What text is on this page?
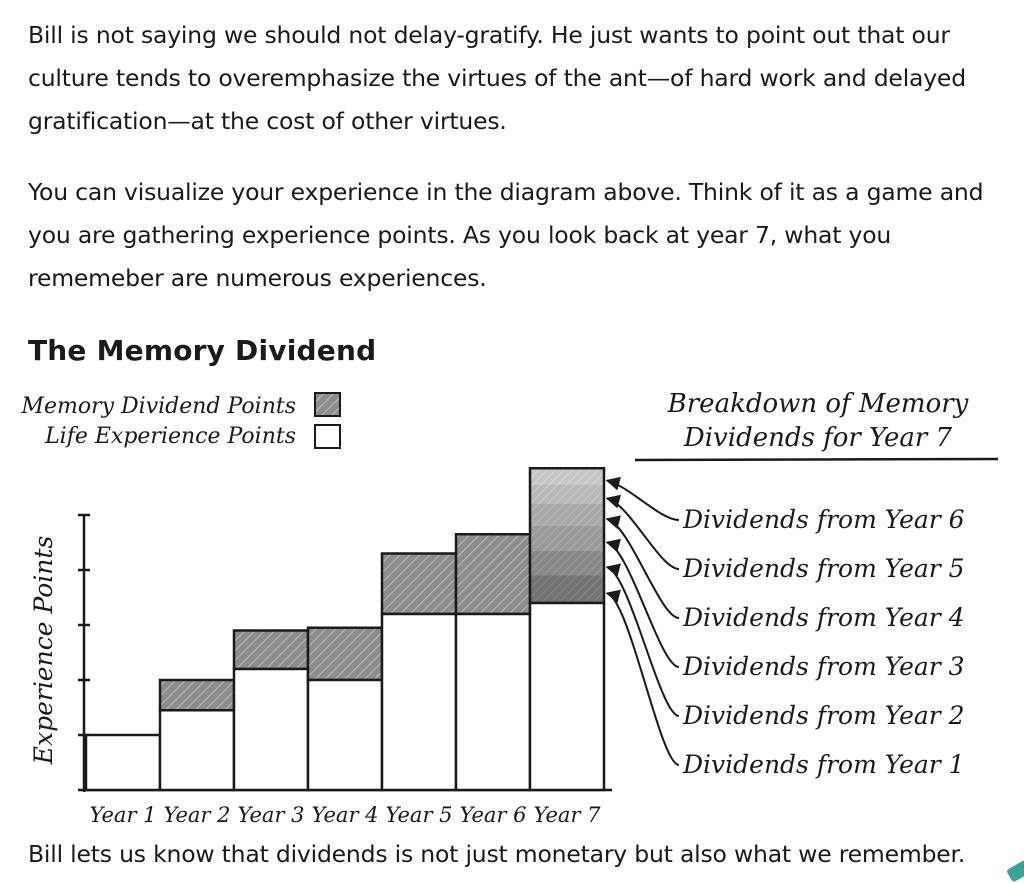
Bill is not saying we should not delay-gratify. He just wants to point out that our culture tends to overemphasize the virtues of the ant—of hard work and delayed gratification—at the cost of other virtues.

You can visualize your experience in the diagram above. Think of it as a game and you are gathering experience points. As you look back at year 7, what you rememeber are numerous experiences.

The Memory Dividend
Memory Dividend Points
Life Experience Points
Breakdown of Memory
Dividends for Year 7
Experience Points
Year 1 Year 2 Year 3 Year 4 Year 5 Year 6 Year 7
Dividends from Year 6
Dividends from Year 5
Dividends from Year 4
Dividends from Year 3
Dividends from Year 2
Dividends from Year 1

Bill lets us know that dividends is not just monetary but also what we remember.
